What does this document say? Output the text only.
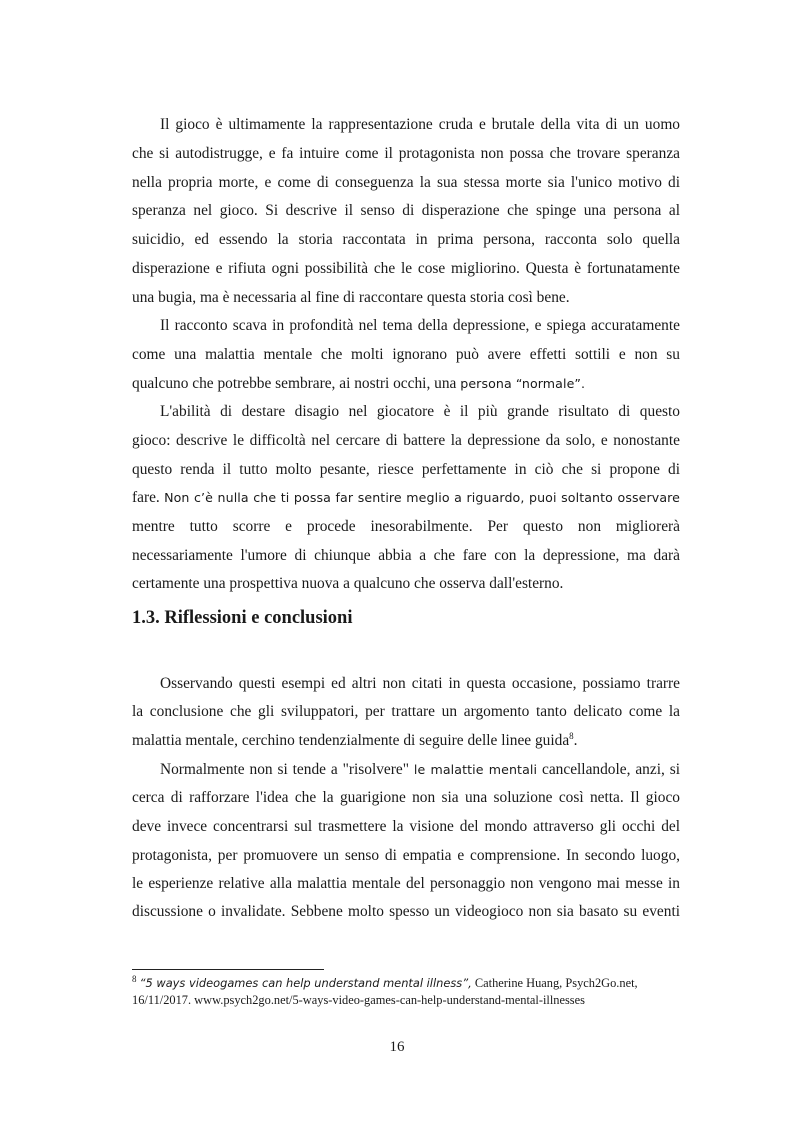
Il gioco è ultimamente la rappresentazione cruda e brutale della vita di un uomo
che si autodistrugge, e fa intuire come il protagonista non possa che trovare speranza
nella propria morte, e come di conseguenza la sua stessa morte sia l'unico motivo di
speranza nel gioco. Si descrive il senso di disperazione che spinge una persona al
suicidio, ed essendo la storia raccontata in prima persona, racconta solo quella
disperazione e rifiuta ogni possibilità che le cose migliorino. Questa è fortunatamente
una bugia, ma è necessaria al fine di raccontare questa storia così bene.
Il racconto scava in profondità nel tema della depressione, e spiega accuratamente
come una malattia mentale che molti ignorano può avere effetti sottili e non su
qualcuno che potrebbe sembrare, ai nostri occhi, una persona “normale”.
L'abilità di destare disagio nel giocatore è il più grande risultato di questo
gioco: descrive le difficoltà nel cercare di battere la depressione da solo, e nonostante
questo renda il tutto molto pesante, riesce perfettamente in ciò che si propone di
fare. Non c’è nulla che ti possa far sentire meglio a riguardo, puoi soltanto osservare
mentre tutto scorre e procede inesorabilmente. Per questo non migliorerà
necessariamente l'umore di chiunque abbia a che fare con la depressione, ma darà
certamente una prospettiva nuova a qualcuno che osserva dall'esterno.
1.3. Riflessioni e conclusioni
Osservando questi esempi ed altri non citati in questa occasione, possiamo trarre
la conclusione che gli sviluppatori, per trattare un argomento tanto delicato come la
malattia mentale, cerchino tendenzialmente di seguire delle linee guida$^8$.
Normalmente non si tende a "risolvere" le malattie mentali cancellandole, anzi, si
cerca di rafforzare l'idea che la guarigione non sia una soluzione così netta. Il gioco
deve invece concentrarsi sul trasmettere la visione del mondo attraverso gli occhi del
protagonista, per promuovere un senso di empatia e comprensione. In secondo luogo,
le esperienze relative alla malattia mentale del personaggio non vengono mai messe in
discussione o invalidate. Sebbene molto spesso un videogioco non sia basato su eventi
$^8$ “5 ways videogames can help understand mental illness”, Catherine Huang, Psych2Go.net,
16/11/2017. www.psych2go.net/5-ways-video-games-can-help-understand-mental-illnesses
16
